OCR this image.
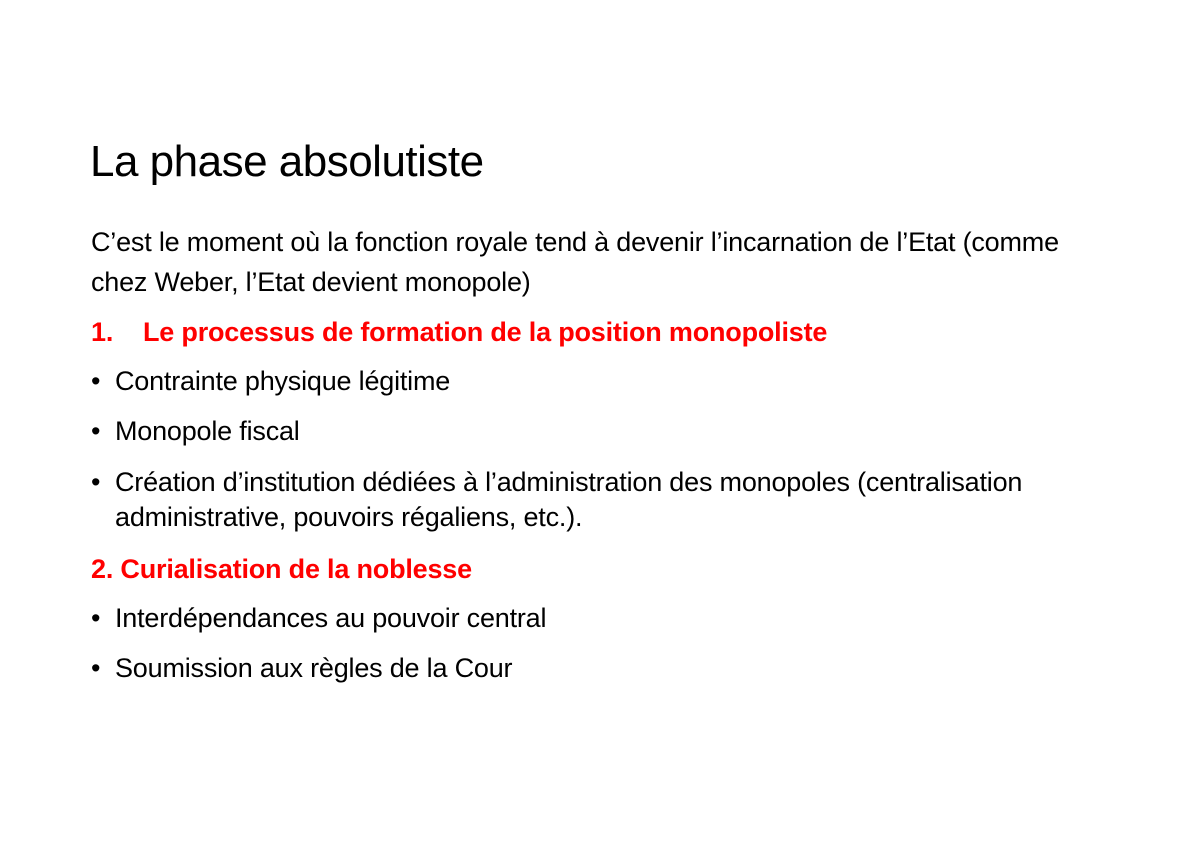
La phase absolutiste
C’est le moment où la fonction royale tend à devenir l’incarnation de l’Etat (comme chez Weber, l’Etat devient monopole)
1. Le processus de formation de la position monopoliste
• Contrainte physique légitime
• Monopole fiscal
• Création d’institution dédiées à l’administration des monopoles (centralisation administrative, pouvoirs régaliens, etc.).
2. Curialisation de la noblesse
• Interdépendances au pouvoir central
• Soumission aux règles de la Cour
